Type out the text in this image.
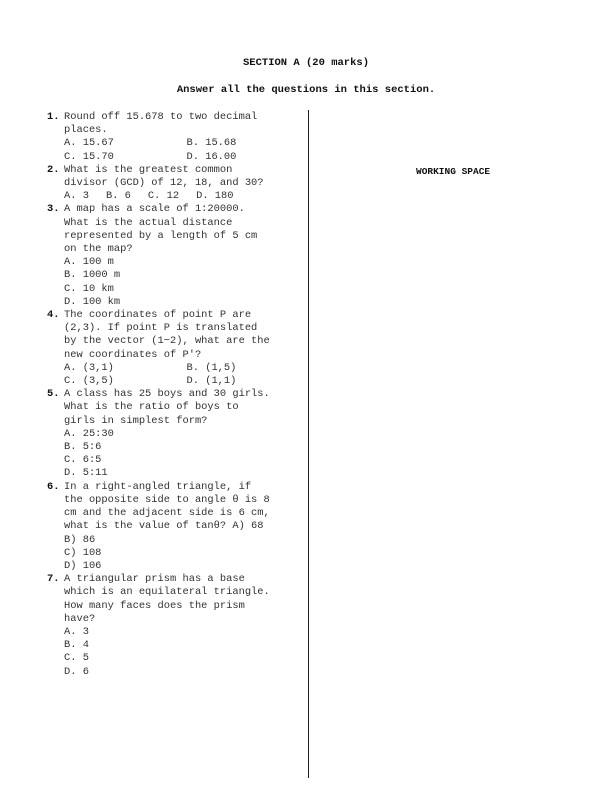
SECTION A (20 marks)
Answer all the questions in this section.
WORKING SPACE
1. Round off 15.678 to two decimal
places.
A. 15.67	B. 15.68
C. 15.70	D. 16.00
2. What is the greatest common
divisor (GCD) of 12, 18, and 30?
A. 3 B. 6 C. 12 D. 180
3. A map has a scale of 1:20000.
What is the actual distance
represented by a length of 5 cm
on the map?
A. 100 m
B. 1000 m
C. 10 km
D. 100 km
4. The coordinates of point P are
(2,3). If point P is translated
by the vector (1−2), what are the
new coordinates of P'?
A. (3,1)	B. (1,5)
C. (3,5)	D. (1,1)
5. A class has 25 boys and 30 girls.
What is the ratio of boys to
girls in simplest form?
A. 25:30
B. 5:6
C. 6:5
D. 5:11
6. In a right-angled triangle, if
the opposite side to angle θ is 8
cm and the adjacent side is 6 cm,
what is the value of tanθ? A) 68
B) 86
C) 108
D) 106
7. A triangular prism has a base
which is an equilateral triangle.
How many faces does the prism
have?
A. 3
B. 4
C. 5
D. 6
